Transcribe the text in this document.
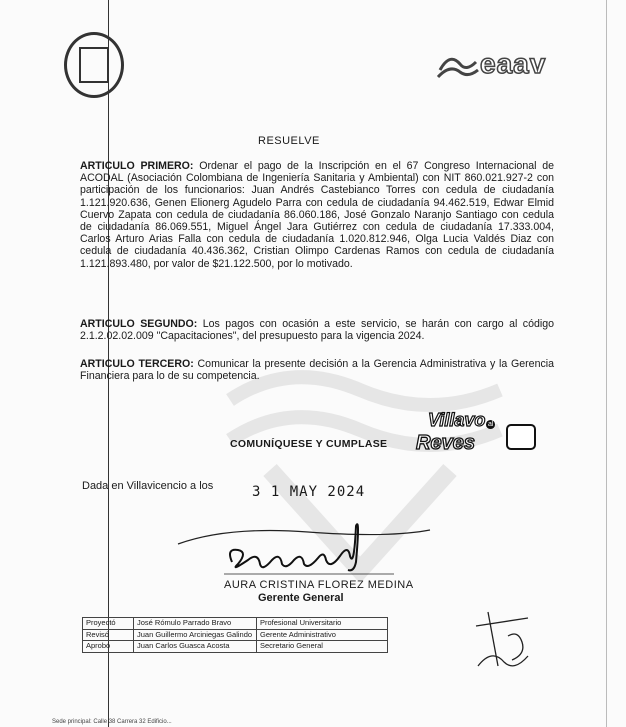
eaav
RESUELVE
ARTICULO PRIMERO: Ordenar el pago de la Inscripción en el 67 Congreso Internacional de ACODAL (Asociación Colombiana de Ingeniería Sanitaria y Ambiental) con NIT 860.021.927-2 con participación de los funcionarios: Juan Andrés Castebianco Torres con cedula de ciudadanía 1.121.920.636, Genen Elionerg Agudelo Parra con cedula de ciudadanía 94.462.519, Edwar Elmid Cuervo Zapata con cedula de ciudadanía 86.060.186, José Gonzalo Naranjo Santiago con cedula de ciudadanía 86.069.551, Miguel Ángel Jara Gutiérrez con cedula de ciudadanía 17.333.004, Carlos Arturo Arias Falla con cedula de ciudadanía 1.020.812.946, Olga Lucia Valdés Diaz con cedula de ciudadanía 40.436.362, Cristian Olimpo Cardenas Ramos con cedula de ciudadanía 1.121.893.480, por valor de $21.122.500, por lo motivado.
ARTICULO SEGUNDO: Los pagos con ocasión a este servicio, se harán con cargo al código 2.1.2.02.02.009 "Capacitaciones", del presupuesto para la vigencia 2024.
ARTICULO TERCERO: Comunicar la presente decisión a la Gerencia Administrativa y la Gerencia Financiera para lo de su competencia.
COMUNÍQUESE Y CUMPLASE
Villavo al
Reves
Dada en Villavicencio a los	3 1 MAY 2024
AURA CRISTINA FLOREZ MEDINA
Gerente General
Proyectó	José Rómulo Parrado Bravo	Profesional Universitario
Revisó	Juan Guillermo Arciniegas Galindo	Gerente Administrativo
Aprobó	Juan Carlos Guasca Acosta	Secretario General
Sede principal: Calle 38 Carrera 32 Edificio...
